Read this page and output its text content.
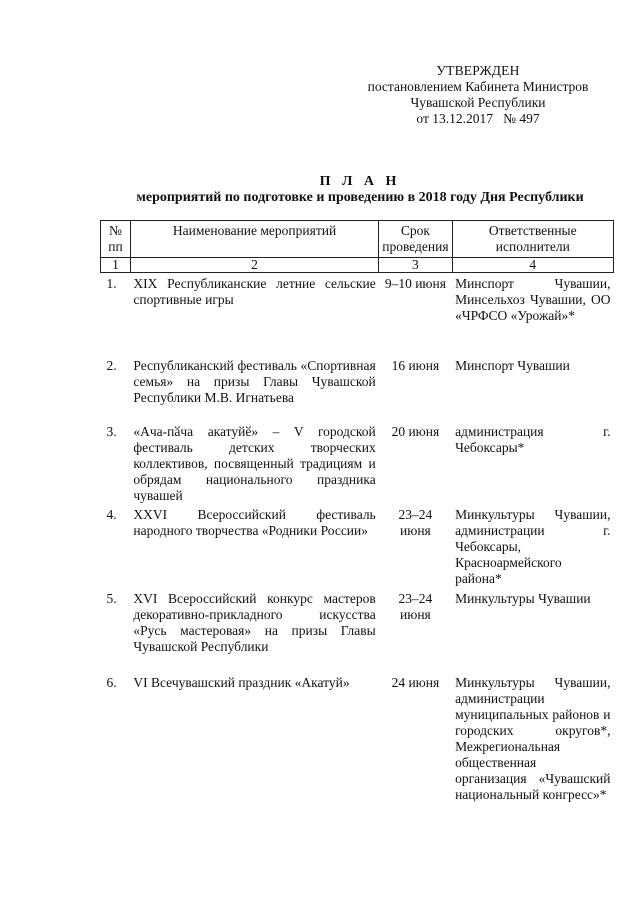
УТВЕРЖДЕН
постановлением Кабинета Министров
Чувашской Республики
от 13.12.2017   № 497
П Л А Н
мероприятий по подготовке и проведению в 2018 году Дня Республики
№ пп	Наименование мероприятий	Срок проведения	Ответственные исполнители
1	2	3	4
1.	XIX Республиканские летние сельские спортивные игры	9–10 июня	Минспорт Чувашии, Минсельхоз Чувашии, ОО «ЧРФСО «Урожай»*
2.	Республиканский фестиваль «Спортивная семья» на призы Главы Чувашской Республики М.В. Игнатьева	16 июня	Минспорт Чувашии
3.	«Ача-пӑча акатуйӗ» – V городской фестиваль детских творческих коллективов, посвященный традициям и обрядам национального праздника чувашей	20 июня	администрация г. Чебоксары*
4.	XXVI Всероссийский фестиваль народного творчества «Родники России»	23–24 июня	Минкультуры Чувашии, администрации г. Чебоксары, Красноармейского района*
5.	XVI Всероссийский конкурс мастеров декоративно-прикладного искусства «Русь мастеровая» на призы Главы Чувашской Республики	23–24 июня	Минкультуры Чувашии
6.	VI Всечувашский праздник «Акатуй»	24 июня	Минкультуры Чувашии, администрации муниципальных районов и городских округов*, Межрегиональная общественная организация «Чувашский национальный конгресс»*
